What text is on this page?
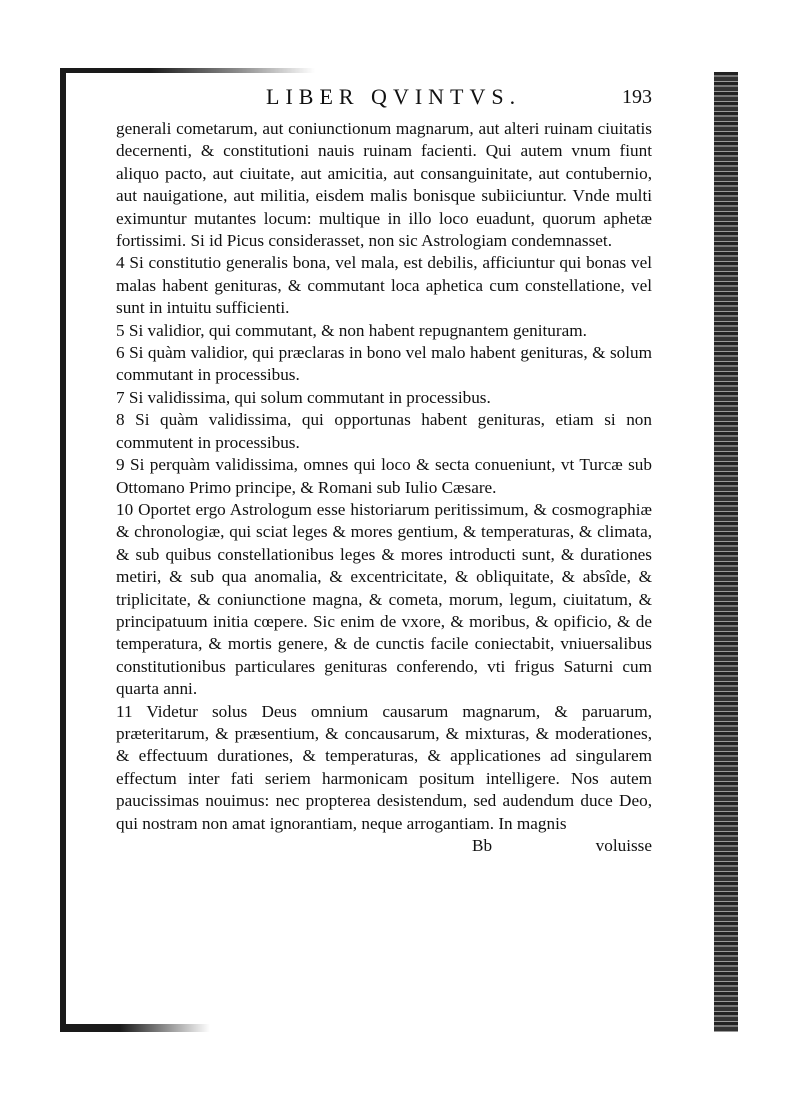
LIBER QVINTVS.	193

generali cometarum, aut coniunctionum magnarum, aut alteri ruinam ciuitatis decernenti, & constitutioni nauis ruinam facienti. Qui autem vnum fiunt aliquo pacto, aut ciuitate, aut amicitia, aut consanguinitate, aut contubernio, aut nauigatione, aut militia, eisdem malis bonisque subiiciuntur. Vnde multi eximuntur mutantes locum: multique in illo loco euadunt, quorum aphetæ fortissimi. Si id Picus considerasset, non sic Astrologiam condemnasset.

4 Si constitutio generalis bona, vel mala, est debilis, afficiuntur qui bonas vel malas habent genituras, & commutant loca aphetica cum constellatione, vel sunt in intuitu sufficienti.

5 Si validior, qui commutant, & non habent repugnantem genituram.

6 Si quàm validior, qui præclaras in bono vel malo habent genituras, & solum commutant in processibus.

7 Si validissima, qui solum commutant in processibus.

8 Si quàm validissima, qui opportunas habent genituras, etiam si non commutent in processibus.

9 Si perquàm validissima, omnes qui loco & secta conueniunt, vt Turcæ sub Ottomano Primo principe, & Romani sub Iulio Cæsare.

10 Oportet ergo Astrologum esse historiarum peritissimum, & cosmographiæ & chronologiæ, qui sciat leges & mores gentium, & temperaturas, & climata, & sub quibus constellationibus leges & mores introducti sunt, & durationes metiri, & sub qua anomalia, & excentricitate, & obliquitate, & absîde, & triplicitate, & coniunctione magna, & cometa, morum, legum, ciuitatum, & principatuum initia cœpere. Sic enim de vxore, & moribus, & opificio, & de temperatura, & mortis genere, & de cunctis facile coniectabit, vniuersalibus constitutionibus particulares genituras conferendo, vti frigus Saturni cum quarta anni.

11 Videtur solus Deus omnium causarum magnarum, & paruarum, præteritarum, & præsentium, & concausarum, & mixturas, & moderationes, & effectuum durationes, & temperaturas, & applicationes ad singularem effectum inter fati seriem harmonicam positum intelligere. Nos autem paucissimas nouimus: nec propterea desistendum, sed audendum duce Deo, qui nostram non amat ignorantiam, neque arrogantiam. In magnis

Bb	voluisse
